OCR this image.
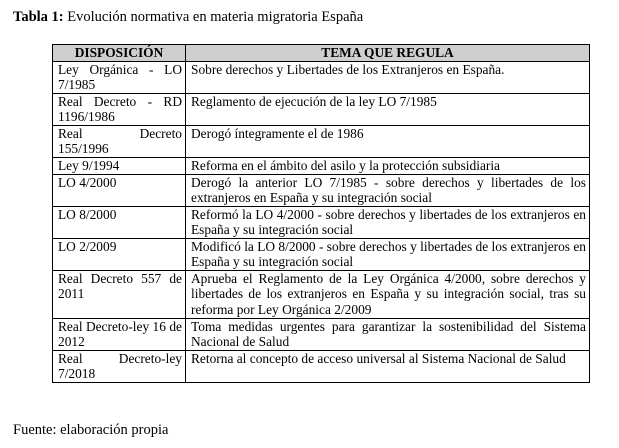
Tabla 1: Evolución normativa en materia migratoria España
DISPOSICIÓN	TEMA QUE REGULA
Ley Orgánica - LO 7/1985	Sobre derechos y Libertades de los Extranjeros en España.
Real Decreto - RD 1196/1986	Reglamento de ejecución de la ley LO 7/1985
Real Decreto 155/1996	Derogó íntegramente el de 1986
Ley 9/1994	Reforma en el ámbito del asilo y la protección subsidiaria
LO 4/2000	Derogó la anterior LO 7/1985 - sobre derechos y libertades de los extranjeros en España y su integración social
LO 8/2000	Reformó la LO 4/2000 - sobre derechos y libertades de los extranjeros en España y su integración social
LO 2/2009	Modificó la LO 8/2000 - sobre derechos y libertades de los extranjeros en España y su integración social
Real Decreto 557 de 2011	Aprueba el Reglamento de la Ley Orgánica 4/2000, sobre derechos y libertades de los extranjeros en España y su integración social, tras su reforma por Ley Orgánica 2/2009
Real Decreto-ley 16 de 2012	Toma medidas urgentes para garantizar la sostenibilidad del Sistema Nacional de Salud
Real Decreto-ley 7/2018	Retorna al concepto de acceso universal al Sistema Nacional de Salud
Fuente: elaboración propia
